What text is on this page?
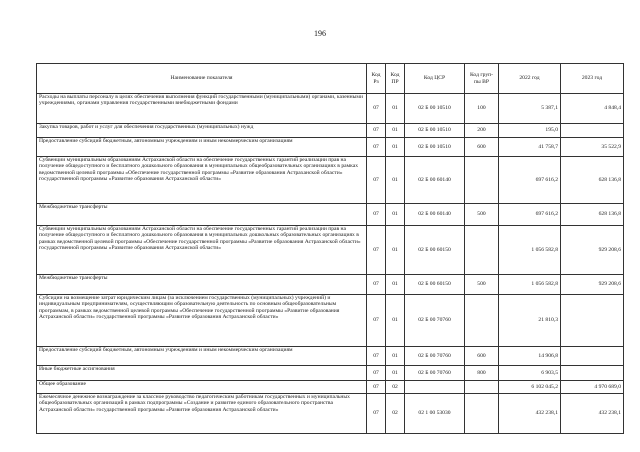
196
Наименование показателя	Код Рз	Код ПР	Код ЦСР	Код груп-пы ВР	2022 год	2023 год
Расходы на выплаты персоналу в целях обеспечения выполнения функций государственными (муниципальными) органами, казенными учреждениями, органами управления государственными внебюджетными фондами	07	01	02 Б 00 10510	100	5 387,1	4 848,4
Закупка товаров, работ и услуг для обеспечения государственных (муниципальных) нужд	07	01	02 Б 00 10510	200	195,0	
Предоставление субсидий бюджетным, автономным учреждениям и иным некоммерческим организациям	07	01	02 Б 00 10510	600	41 758,7	35 522,9
Субвенции муниципальным образованиям Астраханской области на обеспечение государственных гарантий реализации прав на получение общедоступного и бесплатного дошкольного образования в муниципальных общеобразовательных организациях в рамках ведомственной целевой программы «Обеспечение государственной программы «Развитие образования Астраханской области» государственной программы «Развитие образования Астраханской области»	07	01	02 Б 00 60140		697 616,2	628 136,8
Межбюджетные трансферты	07	01	02 Б 00 60140	500	697 616,2	628 136,8
Субвенции муниципальным образованиям Астраханской области на обеспечение государственных гарантий реализации прав на получение общедоступного и бесплатного дошкольного образования в муниципальных дошкольных образовательных организациях в рамках ведомственной целевой программы «Обеспечение государственной программы «Развитие образования Астраханской области» государственной программы «Развитие образования Астраханской области»	07	01	02 Б 00 60150		1 056 582,8	929 208,6
Межбюджетные трансферты	07	01	02 Б 00 60150	500	1 056 582,8	929 208,6
Субсидии на возмещение затрат юридическим лицам (за исключением государственных (муниципальных) учреждений) и индивидуальным предпринимателям, осуществляющим образовательную деятельность по основным общеобразовательным программам, в рамках ведомственной целевой программы «Обеспечение государственной программы «Развитие образования Астраханской области» государственной программы «Развитие образования Астраханской области»	07	01	02 Б 00 70760		21 810,3	
Предоставление субсидий бюджетным, автономным учреждениям и иным некоммерческим организациям	07	01	02 Б 00 70760	600	14 906,8	
Иные бюджетные ассигнования	07	01	02 Б 00 70760	800	6 903,5	
Общее образование	07	02			6 102 045,2	4 970 689,0
Ежемесячное денежное вознаграждение за классное руководство педагогическим работникам государственных и муниципальных общеобразовательных организаций в рамках подпрограммы «Создание и развитие единого образовательного пространства Астраханской области» государственной программы «Развитие образования Астраханской области»	07	02	02 1 00 53030		432 238,1	432 238,1
